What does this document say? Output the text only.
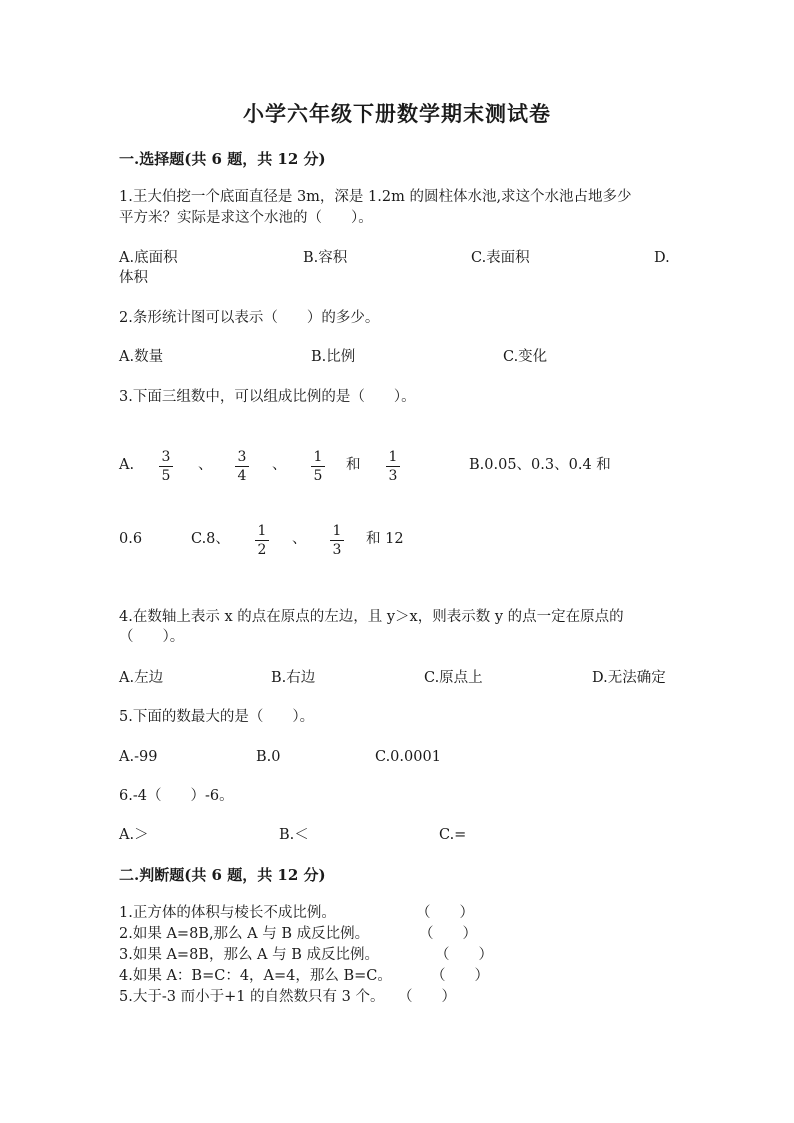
小学六年级下册数学期末测试卷
一.选择题(共 6 题，共 12 分)
1.王大伯挖一个底面直径是 3m，深是 1.2m 的圆柱体水池,求这个水池占地多少
平方米？实际是求这个水池的（　　）。
A.底面积	B.容积	C.表面积	D.
体积
2.条形统计图可以表示（　　）的多少。
A.数量	B.比例	C.变化
3.下面三组数中，可以组成比例的是（　　）。
A. 3
5
、 3
4
、 1
5
和 1
3
B.0.05、0.3、0.4 和
0.6	C.8、 1
2
、 1
3
和 12
4.在数轴上表示 x 的点在原点的左边，且 y＞x，则表示数 y 的点一定在原点的
（　　）。
A.左边	B.右边	C.原点上	D.无法确定
5.下面的数最大的是（　　）。
A.-99	B.0	C.0.0001
6.-4（　　）-6。
A.＞	B.＜	C.=
二.判断题(共 6 题，共 12 分)
1.正方体的体积与棱长不成比例。	（　　）
2.如果 A=8B,那么 A 与 B 成反比例。	（　　）
3.如果 A=8B，那么 A 与 B 成反比例。	（　　）
4.如果 A：B=C：4，A=4，那么 B=C。	（　　）
5.大于-3 而小于+1 的自然数只有 3 个。 （　　）
